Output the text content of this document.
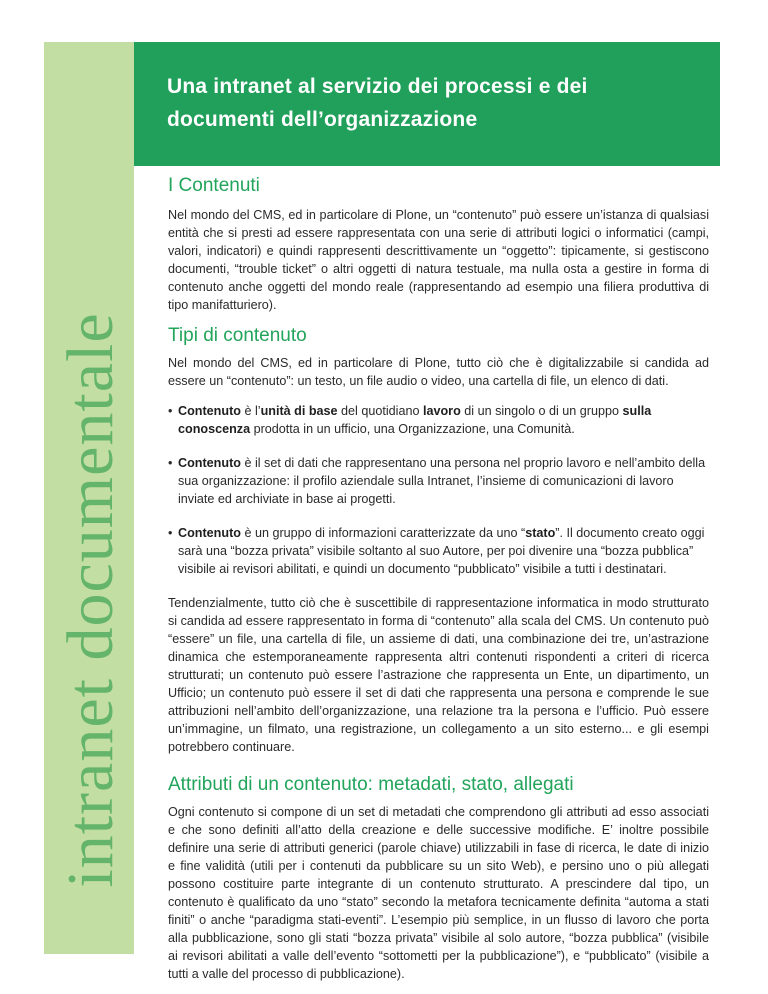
intranet documentale
Una intranet al servizio dei processi e dei
documenti dell’organizzazione
I Contenuti

Nel mondo del CMS, ed in particolare di Plone, un “contenuto” può essere un’istanza di qualsiasi entità che si presti ad essere rappresentata con una serie di attributi logici o informatici (campi, valori, indicatori) e quindi rappresenti descrittivamente un “oggetto”: tipicamente, si gestiscono documenti, “trouble ticket” o altri oggetti di natura testuale, ma nulla osta a gestire in forma di contenuto anche oggetti del mondo reale (rappresentando ad esempio una filiera produttiva di tipo manifatturiero).

Tipi di contenuto

Nel mondo del CMS, ed in particolare di Plone, tutto ciò che è digitalizzabile si candida ad essere un “contenuto”: un testo, un file audio o video, una cartella di file, un elenco di dati.

• Contenuto è l’unità di base del quotidiano lavoro di un singolo o di un gruppo sulla conoscenza prodotta in un ufficio, una Organizzazione, una Comunità.
• Contenuto è il set di dati che rappresentano una persona nel proprio lavoro e nell’ambito della sua organizzazione: il profilo aziendale sulla Intranet, l’insieme di comunicazioni di lavoro inviate ed archiviate in base ai progetti.
• Contenuto è un gruppo di informazioni caratterizzate da uno “stato”. Il documento creato oggi sarà una “bozza privata” visibile soltanto al suo Autore, per poi divenire una “bozza pubblica” visibile ai revisori abilitati, e quindi un documento “pubblicato” visibile a tutti i destinatari.

Tendenzialmente, tutto ciò che è suscettibile di rappresentazione informatica in modo strutturato si candida ad essere rappresentato in forma di “contenuto” alla scala del CMS. Un contenuto può “essere” un file, una cartella di file, un assieme di dati, una combinazione dei tre, un’astrazione dinamica che estemporaneamente rappresenta altri contenuti rispondenti a criteri di ricerca strutturati; un contenuto può essere l’astrazione che rappresenta un Ente, un dipartimento, un Ufficio; un contenuto può essere il set di dati che rappresenta una persona e comprende le sue attribuzioni nell’ambito dell’organizzazione, una relazione tra la persona e l’ufficio. Può essere un’immagine, un filmato, una registrazione, un collegamento a un sito esterno... e gli esempi potrebbero continuare.

Attributi di un contenuto: metadati, stato, allegati

Ogni contenuto si compone di un set di metadati che comprendono gli attributi ad esso associati e che sono definiti all’atto della creazione e delle successive modifiche. E’ inoltre possibile definire una serie di attributi generici (parole chiave) utilizzabili in fase di ricerca, le date di inizio e fine validità (utili per i contenuti da pubblicare su un sito Web), e persino uno o più allegati possono costituire parte integrante di un contenuto strutturato. A prescindere dal tipo, un contenuto è qualificato da uno “stato” secondo la metafora tecnicamente definita “automa a stati finiti” o anche “paradigma stati-eventi”. L’esempio più semplice, in un flusso di lavoro che porta alla pubblicazione, sono gli stati “bozza privata” visibile al solo autore, “bozza pubblica” (visibile ai revisori abilitati a valle dell’evento “sottometti per la pubblicazione”), e “pubblicato” (visibile a tutti a valle del processo di pubblicazione).
